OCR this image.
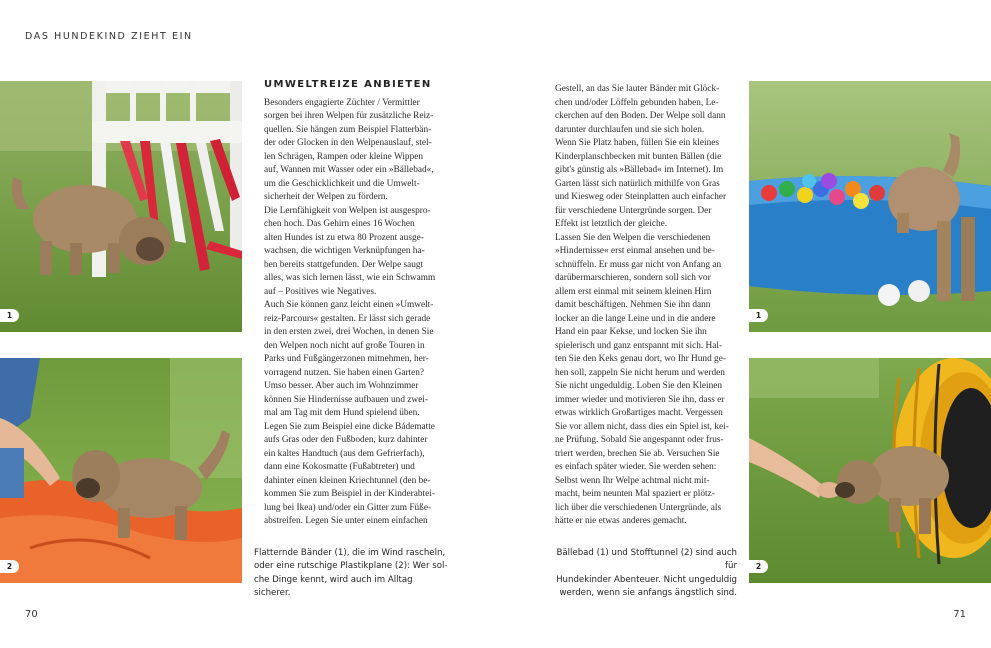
DAS HUNDEKIND ZIEHT EIN
1
2
Flatternde Bänder (1), die im Wind rascheln,
oder eine rutschige Plastikplane (2): Wer sol-
che Dinge kennt, wird auch im Alltag sicherer.
UMWELTREIZE ANBIETEN
Besonders engagierte Züchter / Vermittler
sorgen bei ihren Welpen für zusätzliche Reiz-
quellen. Sie hängen zum Beispiel Flatterbän-
der oder Glocken in den Welpenauslauf, stel-
len Schrägen, Rampen oder kleine Wippen
auf, Wannen mit Wasser oder ein »Bällebad«,
um die Geschicklichkeit und die Umwelt-
sicherheit der Welpen zu fördern.
Die Lernfähigkeit von Welpen ist ausgespro-
chen hoch. Das Gehirn eines 16 Wochen
alten Hundes ist zu etwa 80 Prozent ausge-
wachsen, die wichtigen Verknüpfungen ha-
ben bereits stattgefunden. Der Welpe saugt
alles, was sich lernen lässt, wie ein Schwamm
auf – Positives wie Negatives.
Auch Sie können ganz leicht einen »Umwelt-
reiz-Parcours« gestalten. Er lässt sich gerade
in den ersten zwei, drei Wochen, in denen Sie
den Welpen noch nicht auf große Touren in
Parks und Fußgängerzonen mitnehmen, her-
vorragend nutzen. Sie haben einen Garten?
Umso besser. Aber auch im Wohnzimmer
können Sie Hindernisse aufbauen und zwei-
mal am Tag mit dem Hund spielend üben.
Legen Sie zum Beispiel eine dicke Bádematte
aufs Gras oder den Fußboden, kurz dahinter
ein kaltes Handtuch (aus dem Gefrierfach),
dann eine Kokosmatte (Fußabtreter) und
dahinter einen kleinen Kriechtunnel (den be-
kommen Sie zum Beispiel in der Kinderabtei-
lung bei Ikea) und/oder ein Gitter zum Füße-
abstreifen. Legen Sie unter einem einfachen
Gestell, an das Sie lauter Bänder mit Glöck-
chen und/oder Löffeln gebunden haben, Le-
ckerchen auf den Boden. Der Welpe soll dann
darunter durchlaufen und sie sich holen.
Wenn Sie Platz haben, füllen Sie ein kleines
Kinderplanschbecken mit bunten Bällen (die
gibt's günstig als »Bällebad« im Internet). Im
Garten lässt sich natürlich mithilfe von Gras
und Kiesweg oder Steinplatten auch einfacher
für verschiedene Untergründe sorgen. Der
Effekt ist letztlich der gleiche.
Lassen Sie den Welpen die verschiedenen
»Hindernisse« erst einmal ansehen und be-
schnüffeln. Er muss gar nicht von Anfang an
darübermarschieren, sondern soll sich vor
allem erst einmal mit seinem kleinen Hirn
damit beschäftigen. Nehmen Sie ihn dann
locker an die lange Leine und in die andere
Hand ein paar Kekse, und locken Sie ihn
spielerisch und ganz entspannt mit sich. Hal-
ten Sie den Keks genau dort, wo Ihr Hund ge-
hen soll, zappeln Sie nicht herum und werden
Sie nicht ungeduldig. Loben Sie den Kleinen
immer wieder und motivieren Sie ihn, dass er
etwas wirklich Großartiges macht. Vergessen
Sie vor allem nicht, dass dies ein Spiel ist, kei-
ne Prüfung. Sobald Sie angespannt oder frus-
triert werden, brechen Sie ab. Versuchen Sie
es einfach später wieder. Sie werden sehen:
Selbst wenn Ihr Welpe achtmal nicht mit-
macht, beim neunten Mal spaziert er plötz-
lich über die verschiedenen Untergründe, als
hätte er nie etwas anderes gemacht.
1
2
Bällebad (1) und Stofftunnel (2) sind auch für
Hundekinder Abenteuer. Nicht ungeduldig
werden, wenn sie anfangs ängstlich sind.
70	71
